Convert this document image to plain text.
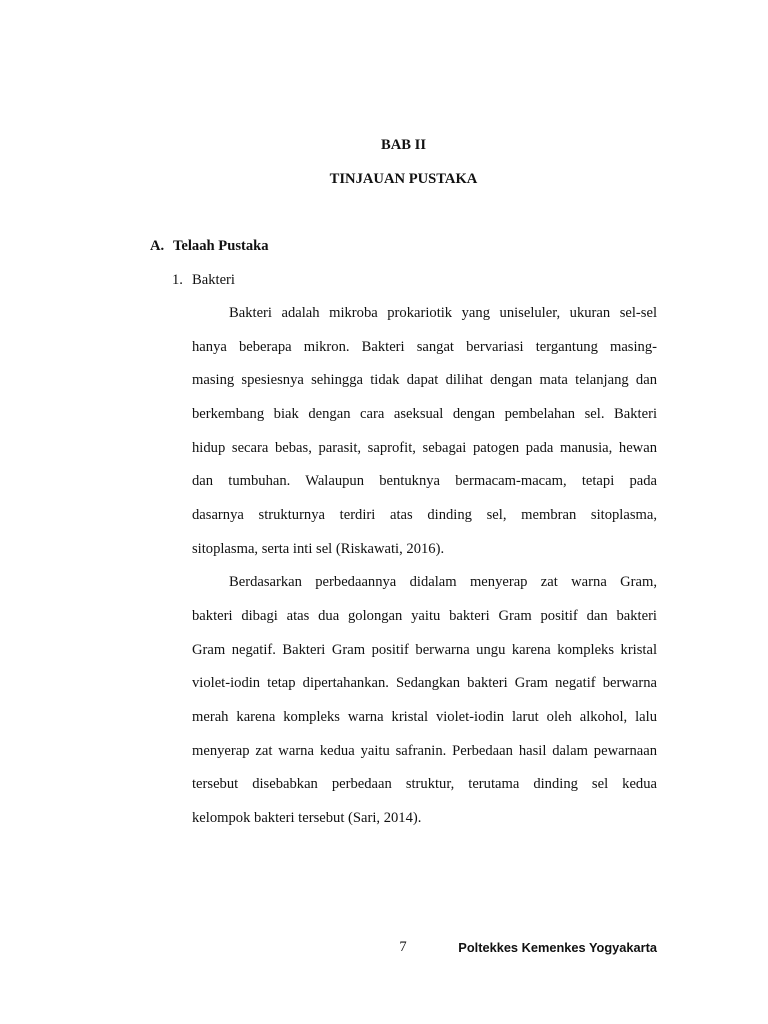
BAB II
TINJAUAN PUSTAKA
A. Telaah Pustaka
1. Bakteri
Bakteri adalah mikroba prokariotik yang uniseluler, ukuran sel-sel
hanya beberapa mikron. Bakteri sangat bervariasi tergantung masing-
masing spesiesnya sehingga tidak dapat dilihat dengan mata telanjang dan
berkembang biak dengan cara aseksual dengan pembelahan sel. Bakteri
hidup secara bebas, parasit, saprofit, sebagai patogen pada manusia, hewan
dan tumbuhan. Walaupun bentuknya bermacam-macam, tetapi pada
dasarnya strukturnya terdiri atas dinding sel, membran sitoplasma,
sitoplasma, serta inti sel (Riskawati, 2016).
Berdasarkan perbedaannya didalam menyerap zat warna Gram,
bakteri dibagi atas dua golongan yaitu bakteri Gram positif dan bakteri
Gram negatif. Bakteri Gram positif berwarna ungu karena kompleks kristal
violet-iodin tetap dipertahankan. Sedangkan bakteri Gram negatif berwarna
merah karena kompleks warna kristal violet-iodin larut oleh alkohol, lalu
menyerap zat warna kedua yaitu safranin. Perbedaan hasil dalam pewarnaan
tersebut disebabkan perbedaan struktur, terutama dinding sel kedua
kelompok bakteri tersebut (Sari, 2014).
7	Poltekkes Kemenkes Yogyakarta
